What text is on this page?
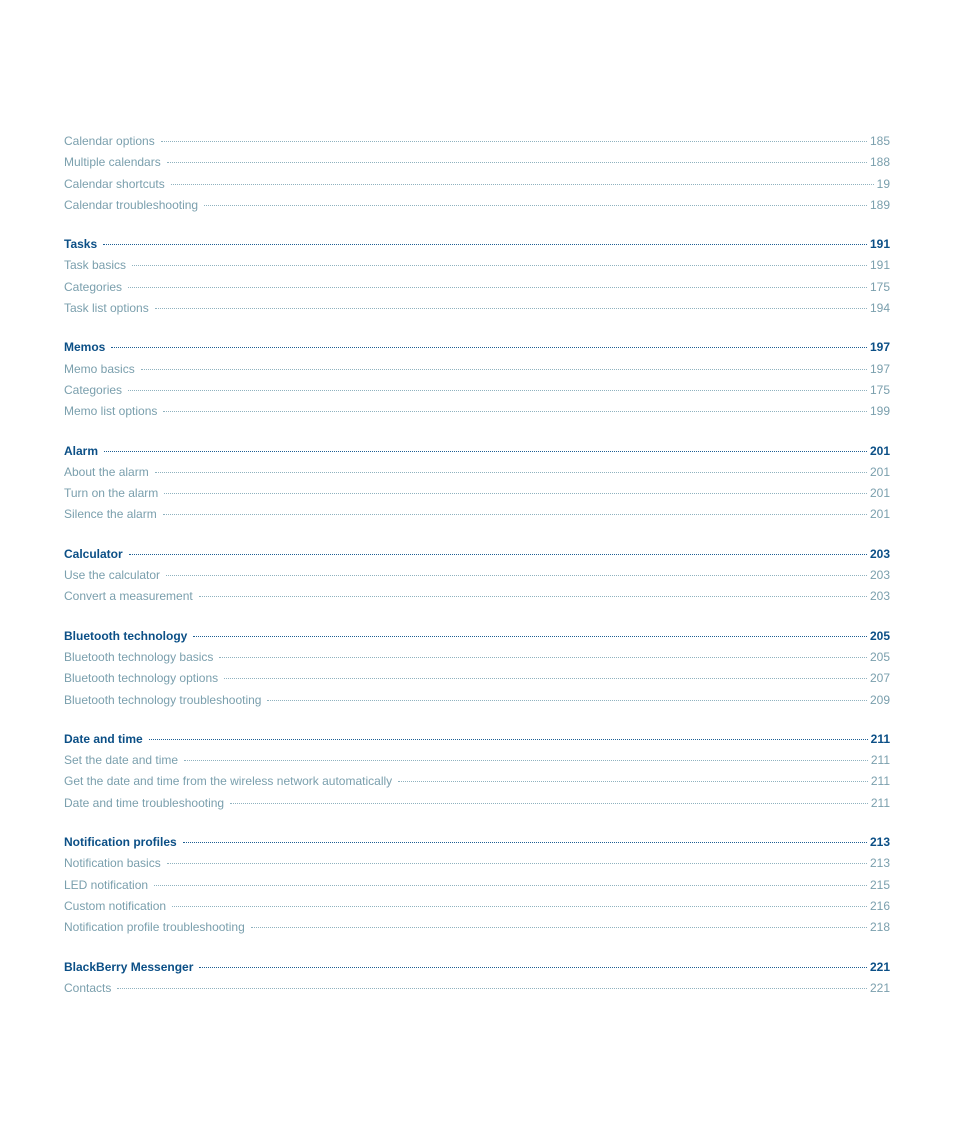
Calendar options	185
Multiple calendars	188
Calendar shortcuts	19
Calendar troubleshooting	189
Tasks	191
Task basics	191
Categories	175
Task list options	194
Memos	197
Memo basics	197
Categories	175
Memo list options	199
Alarm	201
About the alarm	201
Turn on the alarm	201
Silence the alarm	201
Calculator	203
Use the calculator	203
Convert a measurement	203
Bluetooth technology	205
Bluetooth technology basics	205
Bluetooth technology options	207
Bluetooth technology troubleshooting	209
Date and time	211
Set the date and time	211
Get the date and time from the wireless network automatically	211
Date and time troubleshooting	211
Notification profiles	213
Notification basics	213
LED notification	215
Custom notification	216
Notification profile troubleshooting	218
BlackBerry Messenger	221
Contacts	221
